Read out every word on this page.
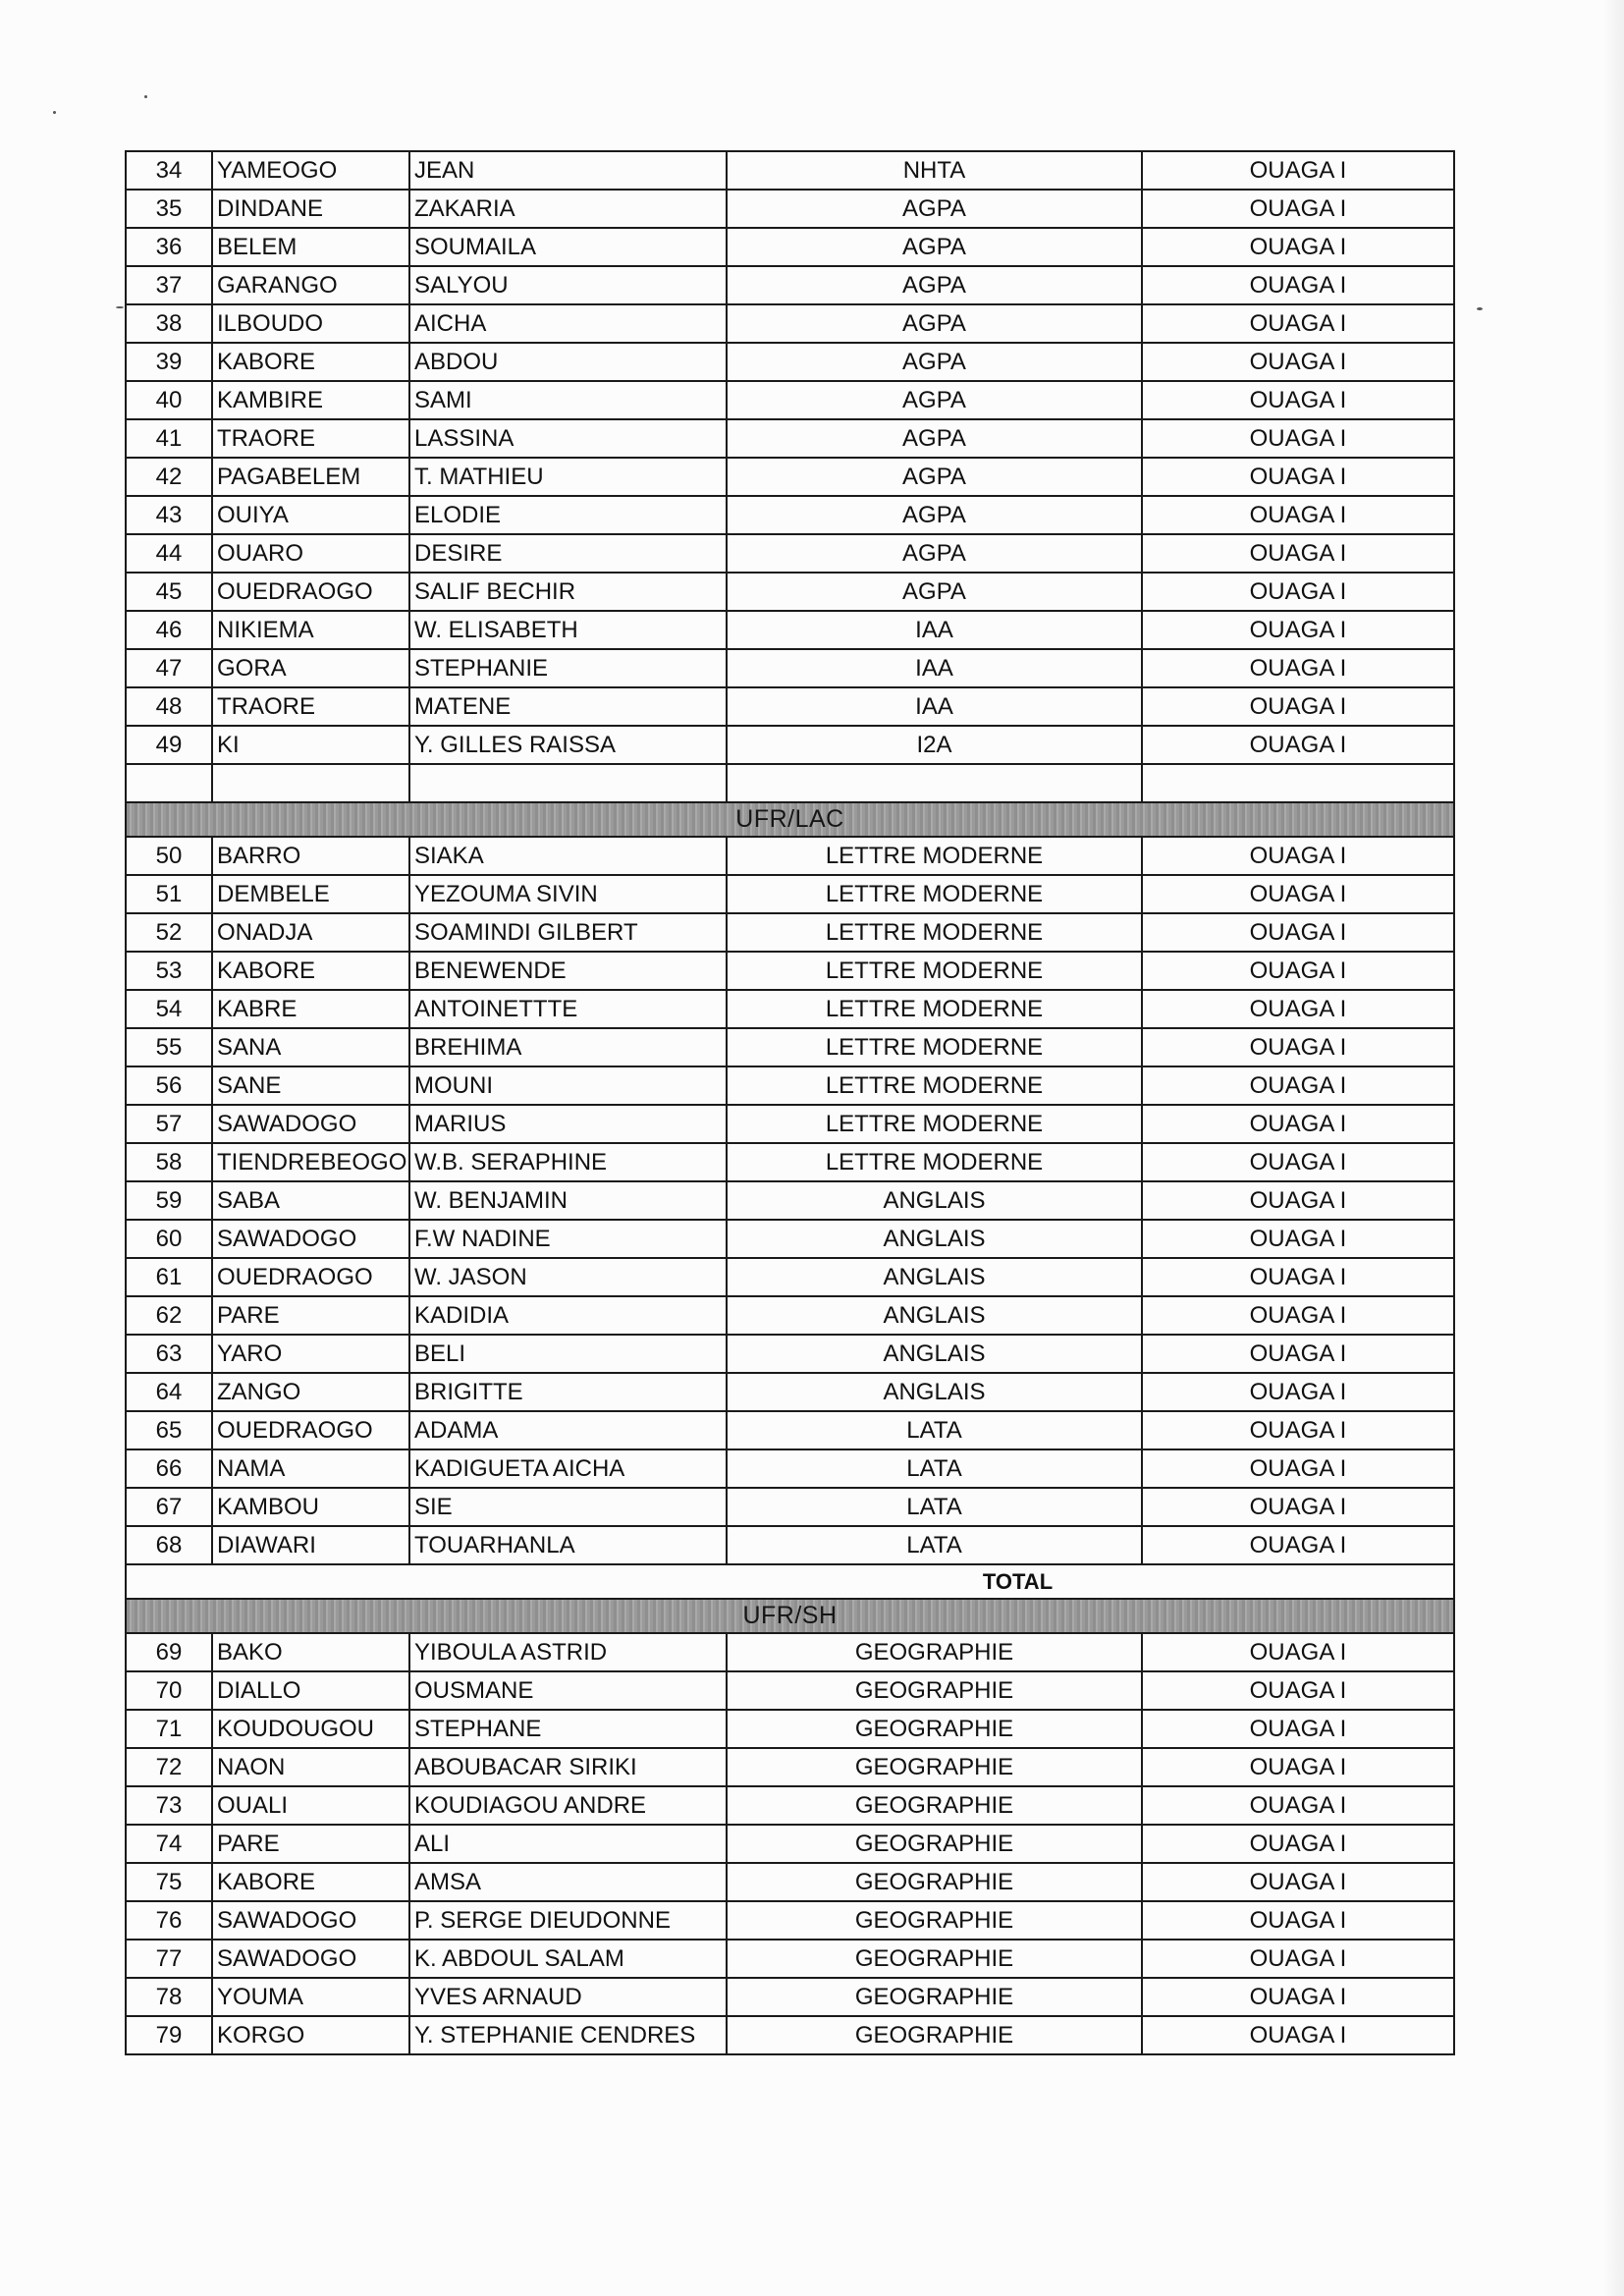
34	YAMEOGO	JEAN	NHTA	OUAGA I
35	DINDANE	ZAKARIA	AGPA	OUAGA I
36	BELEM	SOUMAILA	AGPA	OUAGA I
37	GARANGO	SALYOU	AGPA	OUAGA I
38	ILBOUDO	AICHA	AGPA	OUAGA I
39	KABORE	ABDOU	AGPA	OUAGA I
40	KAMBIRE	SAMI	AGPA	OUAGA I
41	TRAORE	LASSINA	AGPA	OUAGA I
42	PAGABELEM	T. MATHIEU	AGPA	OUAGA I
43	OUIYA	ELODIE	AGPA	OUAGA I
44	OUARO	DESIRE	AGPA	OUAGA I
45	OUEDRAOGO	SALIF BECHIR	AGPA	OUAGA I
46	NIKIEMA	W. ELISABETH	IAA	OUAGA I
47	GORA	STEPHANIE	IAA	OUAGA I
48	TRAORE	MATENE	IAA	OUAGA I
49	KI	Y. GILLES RAISSA	I2A	OUAGA I

UFR/LAC				
50	BARRO	SIAKA	LETTRE MODERNE	OUAGA I
51	DEMBELE	YEZOUMA SIVIN	LETTRE MODERNE	OUAGA I
52	ONADJA	SOAMINDI GILBERT	LETTRE MODERNE	OUAGA I
53	KABORE	BENEWENDE	LETTRE MODERNE	OUAGA I
54	KABRE	ANTOINETTTE	LETTRE MODERNE	OUAGA I
55	SANA	BREHIMA	LETTRE MODERNE	OUAGA I
56	SANE	MOUNI	LETTRE MODERNE	OUAGA I
57	SAWADOGO	MARIUS	LETTRE MODERNE	OUAGA I
58	TIENDREBEOGO	W.B. SERAPHINE	LETTRE MODERNE	OUAGA I
59	SABA	W. BENJAMIN	ANGLAIS	OUAGA I
60	SAWADOGO	F.W NADINE	ANGLAIS	OUAGA I
61	OUEDRAOGO	W. JASON	ANGLAIS	OUAGA I
62	PARE	KADIDIA	ANGLAIS	OUAGA I
63	YARO	BELI	ANGLAIS	OUAGA I
64	ZANGO	BRIGITTE	ANGLAIS	OUAGA I
65	OUEDRAOGO	ADAMA	LATA	OUAGA I
66	NAMA	KADIGUETA AICHA	LATA	OUAGA I
67	KAMBOU	SIE	LATA	OUAGA I
68	DIAWARI	TOUARHANLA	LATA	OUAGA I
TOTAL				
UFR/SH				
69	BAKO	YIBOULA ASTRID	GEOGRAPHIE	OUAGA I
70	DIALLO	OUSMANE	GEOGRAPHIE	OUAGA I
71	KOUDOUGOU	STEPHANE	GEOGRAPHIE	OUAGA I
72	NAON	ABOUBACAR SIRIKI	GEOGRAPHIE	OUAGA I
73	OUALI	KOUDIAGOU ANDRE	GEOGRAPHIE	OUAGA I
74	PARE	ALI	GEOGRAPHIE	OUAGA I
75	KABORE	AMSA	GEOGRAPHIE	OUAGA I
76	SAWADOGO	P. SERGE DIEUDONNE	GEOGRAPHIE	OUAGA I
77	SAWADOGO	K. ABDOUL SALAM	GEOGRAPHIE	OUAGA I
78	YOUMA	YVES ARNAUD	GEOGRAPHIE	OUAGA I
79	KORGO	Y. STEPHANIE CENDRES	GEOGRAPHIE	OUAGA I
